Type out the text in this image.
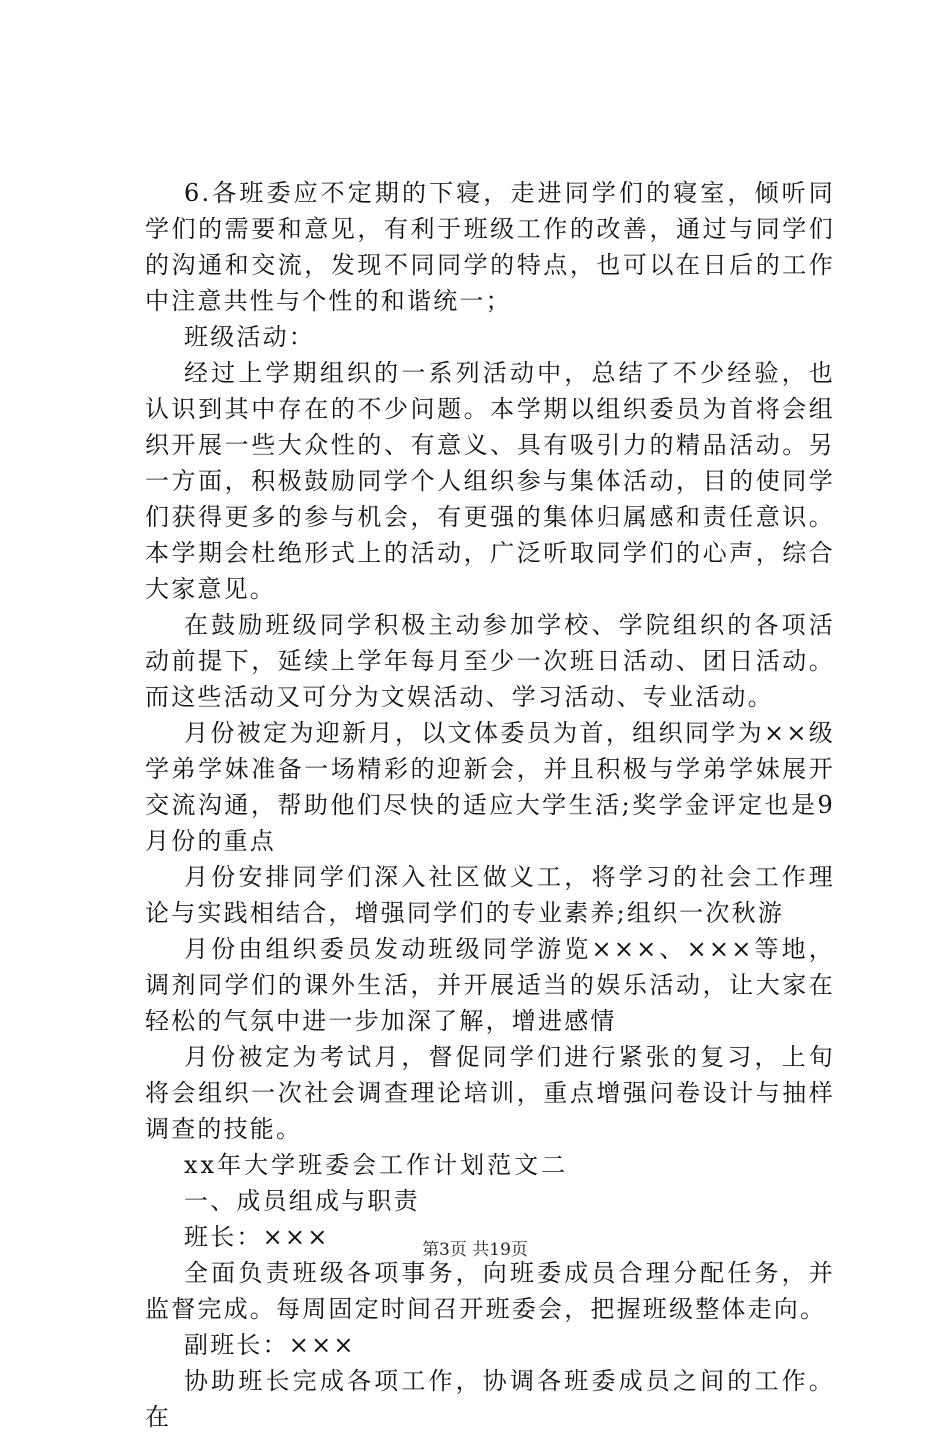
6.各班委应不定期的下寝，走进同学们的寝室，倾听同学们的需要和意见，有利于班级工作的改善，通过与同学们的沟通和交流，发现不同同学的特点，也可以在日后的工作中注意共性与个性的和谐统一；

班级活动：

经过上学期组织的一系列活动中，总结了不少经验，也认识到其中存在的不少问题。本学期以组织委员为首将会组织开展一些大众性的、有意义、具有吸引力的精品活动。另一方面，积极鼓励同学个人组织参与集体活动，目的使同学们获得更多的参与机会，有更强的集体归属感和责任意识。本学期会杜绝形式上的活动，广泛听取同学们的心声，综合大家意见。

在鼓励班级同学积极主动参加学校、学院组织的各项活动前提下，延续上学年每月至少一次班日活动、团日活动。而这些活动又可分为文娱活动、学习活动、专业活动。

月份被定为迎新月，以文体委员为首，组织同学为××级学弟学妹准备一场精彩的迎新会，并且积极与学弟学妹展开交流沟通，帮助他们尽快的适应大学生活;奖学金评定也是9月份的重点

月份安排同学们深入社区做义工，将学习的社会工作理论与实践相结合，增强同学们的专业素养;组织一次秋游

月份由组织委员发动班级同学游览×××、×××等地，调剂同学们的课外生活，并开展适当的娱乐活动，让大家在轻松的气氛中进一步加深了解，增进感情

月份被定为考试月，督促同学们进行紧张的复习，上旬将会组织一次社会调查理论培训，重点增强问卷设计与抽样调查的技能。

xx年大学班委会工作计划范文二

一、成员组成与职责

班长：×××

全面负责班级各项事务，向班委成员合理分配任务，并监督完成。每周固定时间召开班委会，把握班级整体走向。

副班长：×××

协助班长完成各项工作，协调各班委成员之间的工作。在

第3页 共19页
